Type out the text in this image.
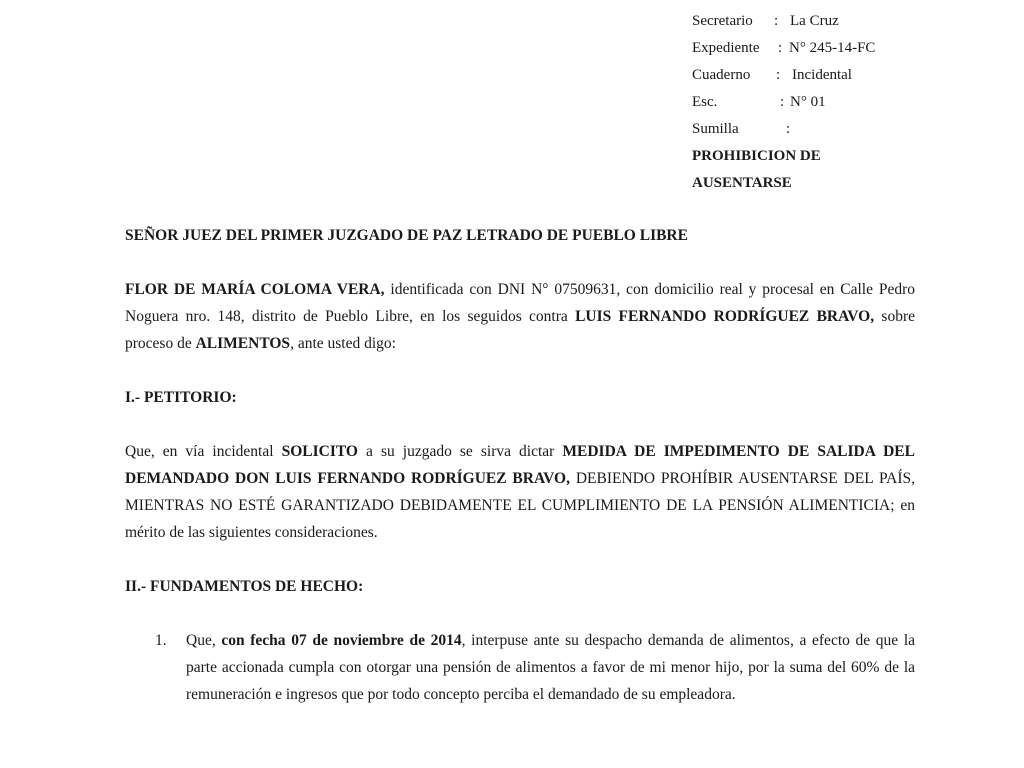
Secretario : La Cruz
Expediente : N° 245-14-FC
Cuaderno : Incidental
Esc.	: N° 01
Sumilla	:
PROHIBICION DE
AUSENTARSE

SEÑOR JUEZ DEL PRIMER JUZGADO DE PAZ LETRADO DE PUEBLO LIBRE

FLOR DE MARÍA COLOMA VERA, identificada con DNI N° 07509631, con domicilio real y procesal en Calle Pedro Noguera nro. 148, distrito de Pueblo Libre, en los seguidos contra LUIS FERNANDO RODRÍGUEZ BRAVO, sobre proceso de ALIMENTOS, ante usted digo:

I.- PETITORIO:

Que, en vía incidental SOLICITO a su juzgado se sirva dictar MEDIDA DE IMPEDIMENTO DE SALIDA DEL DEMANDADO DON LUIS FERNANDO RODRÍGUEZ BRAVO, DEBIENDO PROHÍBIR AUSENTARSE DEL PAÍS, MIENTRAS NO ESTÉ GARANTIZADO DEBIDAMENTE EL CUMPLIMIENTO DE LA PENSIÓN ALIMENTICIA; en mérito de las siguientes consideraciones.

II.- FUNDAMENTOS DE HECHO:

1. Que, con fecha 07 de noviembre de 2014, interpuse ante su despacho demanda de alimentos, a efecto de que la parte accionada cumpla con otorgar una pensión de alimentos a favor de mi menor hijo, por la suma del 60% de la remuneración e ingresos que por todo concepto perciba el demandado de su empleadora.
